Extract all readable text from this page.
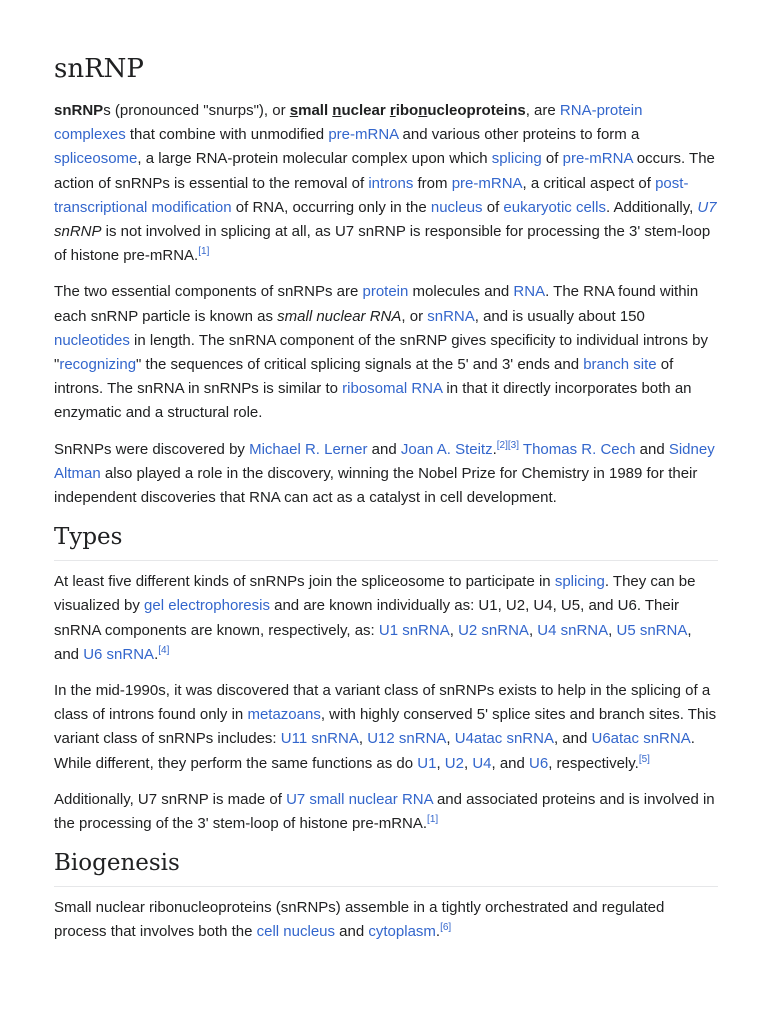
snRNP

snRNPs (pronounced "snurps"), or small nuclear ribonucleoproteins, are RNA-protein complexes that combine with unmodified pre-mRNA and various other proteins to form a spliceosome, a large RNA-protein molecular complex upon which splicing of pre-mRNA occurs. The action of snRNPs is essential to the removal of introns from pre-mRNA, a critical aspect of post-transcriptional modification of RNA, occurring only in the nucleus of eukaryotic cells. Additionally, U7 snRNP is not involved in splicing at all, as U7 snRNP is responsible for processing the 3' stem-loop of histone pre-mRNA.[1]

The two essential components of snRNPs are protein molecules and RNA. The RNA found within each snRNP particle is known as small nuclear RNA, or snRNA, and is usually about 150 nucleotides in length. The snRNA component of the snRNP gives specificity to individual introns by "recognizing" the sequences of critical splicing signals at the 5' and 3' ends and branch site of introns. The snRNA in snRNPs is similar to ribosomal RNA in that it directly incorporates both an enzymatic and a structural role.

SnRNPs were discovered by Michael R. Lerner and Joan A. Steitz.[2][3] Thomas R. Cech and Sidney Altman also played a role in the discovery, winning the Nobel Prize for Chemistry in 1989 for their independent discoveries that RNA can act as a catalyst in cell development.

Types

At least five different kinds of snRNPs join the spliceosome to participate in splicing. They can be visualized by gel electrophoresis and are known individually as: U1, U2, U4, U5, and U6. Their snRNA components are known, respectively, as: U1 snRNA, U2 snRNA, U4 snRNA, U5 snRNA, and U6 snRNA.[4]

In the mid-1990s, it was discovered that a variant class of snRNPs exists to help in the splicing of a class of introns found only in metazoans, with highly conserved 5' splice sites and branch sites. This variant class of snRNPs includes: U11 snRNA, U12 snRNA, U4atac snRNA, and U6atac snRNA. While different, they perform the same functions as do U1, U2, U4, and U6, respectively.[5]

Additionally, U7 snRNP is made of U7 small nuclear RNA and associated proteins and is involved in the processing of the 3' stem-loop of histone pre-mRNA.[1]

Biogenesis

Small nuclear ribonucleoproteins (snRNPs) assemble in a tightly orchestrated and regulated process that involves both the cell nucleus and cytoplasm.[6]
